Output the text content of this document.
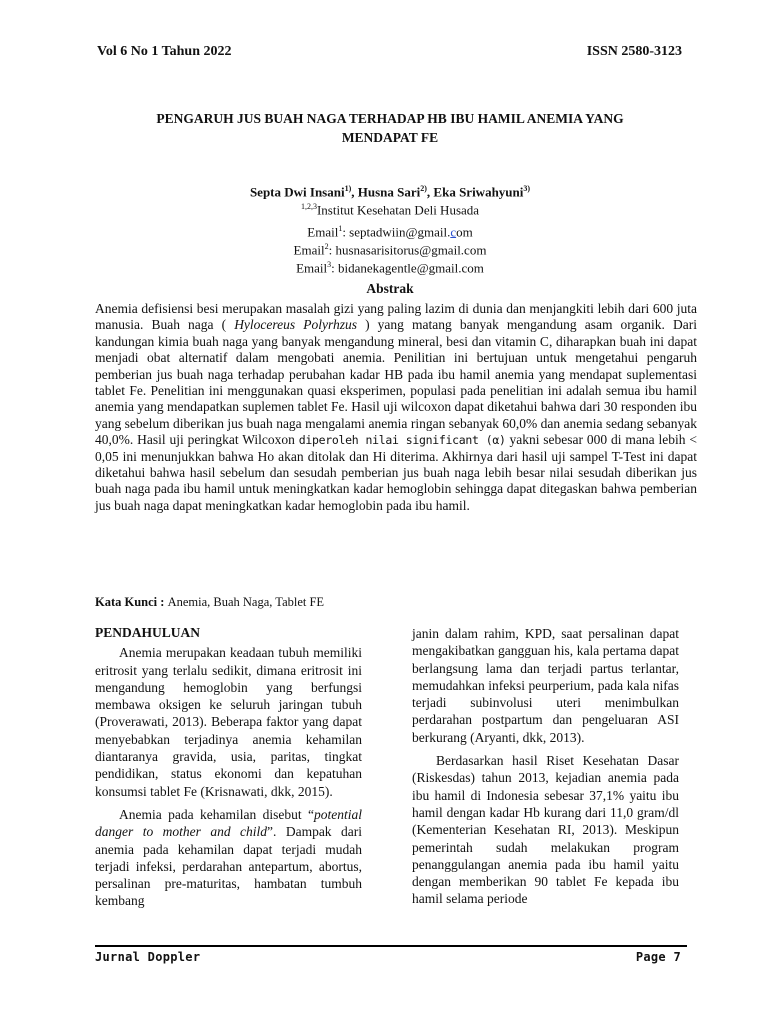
Vol 6 No 1 Tahun 2022	ISSN 2580-3123
PENGARUH JUS BUAH NAGA TERHADAP HB IBU HAMIL ANEMIA YANG
MENDAPAT FE
Septa Dwi Insani$^{1)}$, Husna Sari$^{2)}$, Eka Sriwahyuni$^{3)}$
$^{1,2,3}$Institut Kesehatan Deli Husada
Email$^1$: septadwiin@gmail.com
Email$^2$: husnasarisitorus@gmail.com
Email$^3$: bidanekagentle@gmail.com
Abstrak

Anemia defisiensi besi merupakan masalah gizi yang paling lazim di dunia dan menjangkiti lebih dari 600 juta manusia. Buah naga ( Hylocereus Polyrhzus ) yang matang banyak mengandung asam organik. Dari kandungan kimia buah naga yang banyak mengandung mineral, besi dan vitamin C, diharapkan buah ini dapat menjadi obat alternatif dalam mengobati anemia. Penilitian ini bertujuan untuk mengetahui pengaruh pemberian jus buah naga terhadap perubahan kadar HB pada ibu hamil anemia yang mendapat suplementasi tablet Fe. Penelitian ini menggunakan quasi eksperimen, populasi pada penelitian ini adalah semua ibu hamil anemia yang mendapatkan suplemen tablet Fe. Hasil uji wilcoxon dapat diketahui bahwa dari 30 responden ibu yang sebelum diberikan jus buah naga mengalami anemia ringan sebanyak 60,0% dan anemia sedang sebanyak 40,0%. Hasil uji peringkat Wilcoxon diperoleh nilai significant (α) yakni sebesar 000 di mana lebih < 0,05 ini menunjukkan bahwa Ho akan ditolak dan Hi diterima. Akhirnya dari hasil uji sampel T-Test ini dapat diketahui bahwa hasil sebelum dan sesudah pemberian jus buah naga lebih besar nilai sesudah diberikan jus buah naga pada ibu hamil untuk meningkatkan kadar hemoglobin sehingga dapat ditegaskan bahwa pemberian jus buah naga dapat meningkatkan kadar hemoglobin pada ibu hamil.

Kata Kunci : Anemia, Buah Naga, Tablet FE
PENDAHULUAN

Anemia merupakan keadaan tubuh memiliki eritrosit yang terlalu sedikit, dimana eritrosit ini mengandung hemoglobin yang berfungsi membawa oksigen ke seluruh jaringan tubuh (Proverawati, 2013). Beberapa faktor yang dapat menyebabkan terjadinya anemia kehamilan diantaranya gravida, usia, paritas, tingkat pendidikan, status ekonomi dan kepatuhan konsumsi tablet Fe (Krisnawati, dkk, 2015).

Anemia pada kehamilan disebut “potential danger to mother and child”. Dampak dari anemia pada kehamilan dapat terjadi mudah terjadi infeksi, perdarahan antepartum, abortus, persalinan pre-maturitas, hambatan tumbuh kembang

janin dalam rahim, KPD, saat persalinan dapat mengakibatkan gangguan his, kala pertama dapat berlangsung lama dan terjadi partus terlantar, memudahkan infeksi peurperium, pada kala nifas terjadi subinvolusi uteri menimbulkan perdarahan postpartum dan pengeluaran ASI berkurang (Aryanti, dkk, 2013).

Berdasarkan hasil Riset Kesehatan Dasar (Riskesdas) tahun 2013, kejadian anemia pada ibu hamil di Indonesia sebesar 37,1% yaitu ibu hamil dengan kadar Hb kurang dari 11,0 gram/dl (Kementerian Kesehatan RI, 2013). Meskipun pemerintah sudah melakukan program penanggulangan anemia pada ibu hamil yaitu dengan memberikan 90 tablet Fe kepada ibu hamil selama periode

Jurnal Doppler	Page 7
